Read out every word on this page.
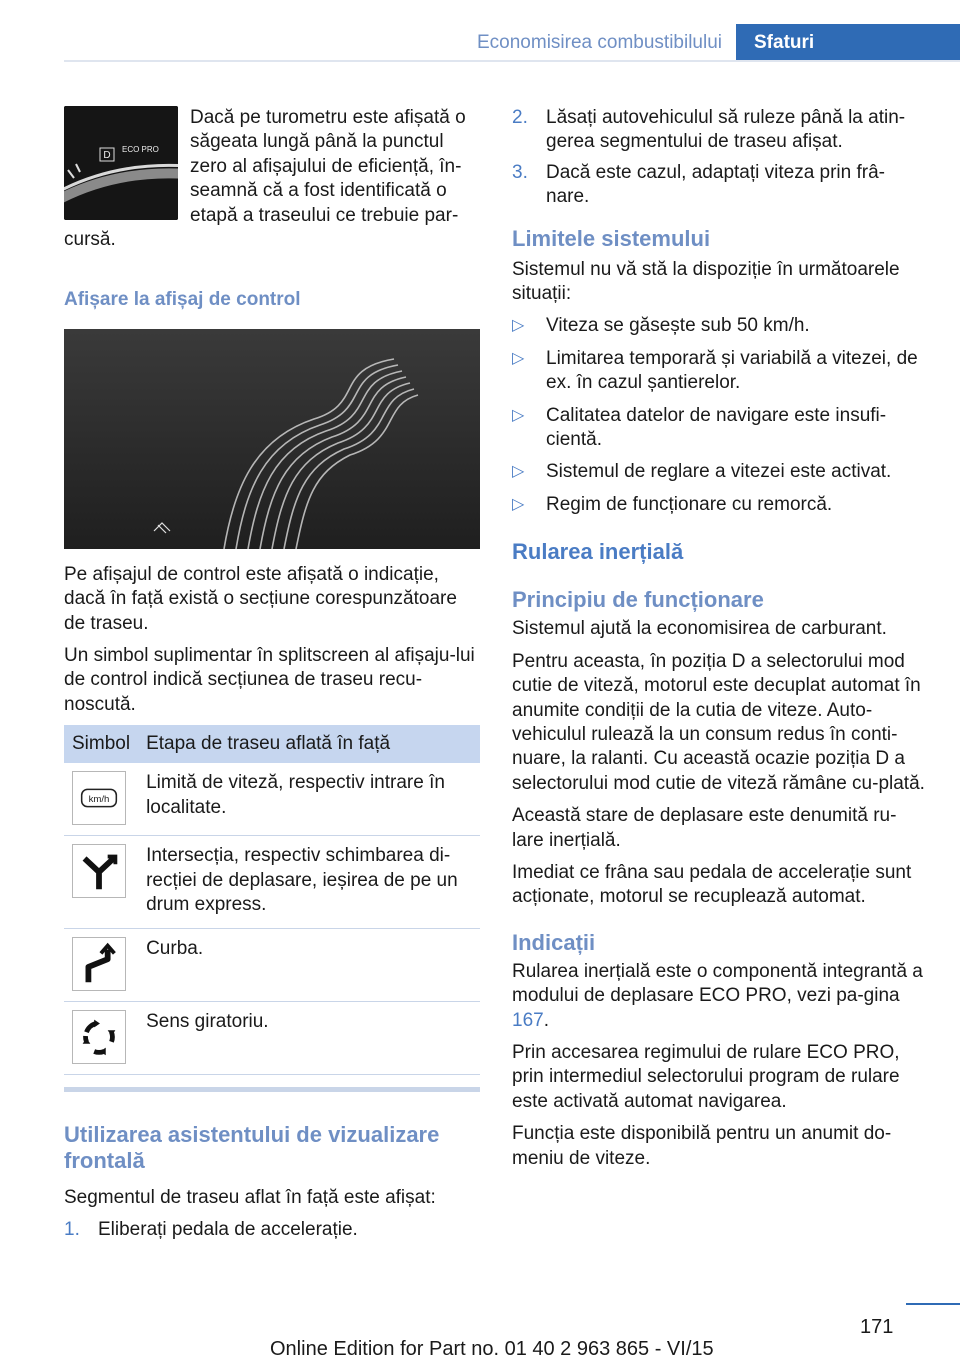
Economisirea combustibilului	Sfaturi
D
ECO PRO

Dacă pe turometru este afișată o săgeata lungă până la punctul zero al afișajului de eficiență, în-seamnă că a fost identificată o etapă a traseului ce trebuie par-cursă.

Afișare la afișaj de control

Pe afișajul de control este afișată o indicație, dacă în față există o secțiune corespunzătoare de traseu.

Un simbol suplimentar în splitscreen al afișaju-lui de control indică secțiunea de traseu recu-noscută.

Simbol	Etapa de traseu aflată în față

km/h	Limită de viteză, respectiv intrare în localitate.

	Intersecția, respectiv schimbarea di-recției de deplasare, ieșirea de pe un drum express.

	Curba.

	Sens giratoriu.
Utilizarea asistentului de vizualizare frontală

Segmentul de traseu aflat în față este afișat:

1. Eliberați pedala de accelerație.
2. Lăsați autovehiculul să ruleze până la atin-gerea segmentului de traseu afișat.
3. Dacă este cazul, adaptați viteza prin frâ-nare.
Limitele sistemului

Sistemul nu vă stă la dispoziție în următoarele situații:

▷ Viteza se găsește sub 50 km/h.
▷ Limitarea temporară și variabilă a vitezei, de ex. în cazul șantierelor.
▷ Calitatea datelor de navigare este insufi-cientă.
▷ Sistemul de reglare a vitezei este activat.
▷ Regim de funcționare cu remorcă.
Rularea inerțială
Principiu de funcționare

Sistemul ajută la economisirea de carburant.

Pentru aceasta, în poziția D a selectorului mod cutie de viteză, motorul este decuplat automat în anumite condiții de la cutia de viteze. Auto-vehiculul rulează la un consum redus în conti-nuare, la ralanti. Cu această ocazie poziția D a selectorului mod cutie de viteză rămâne cu-plată.

Această stare de deplasare este denumită ru-lare inerțială.

Imediat ce frâna sau pedala de accelerație sunt acționate, motorul se recuplează automat.

Indicații

Rularea inerțială este o componentă integrantă a modului de deplasare ECO PRO, vezi pa-gina 167.

Prin accesarea regimului de rulare ECO PRO, prin intermediul selectorului program de rulare este activată automat navigarea.

Funcția este disponibilă pentru un anumit do-meniu de viteze.

171
Online Edition for Part no. 01 40 2 963 865 - VI/15
